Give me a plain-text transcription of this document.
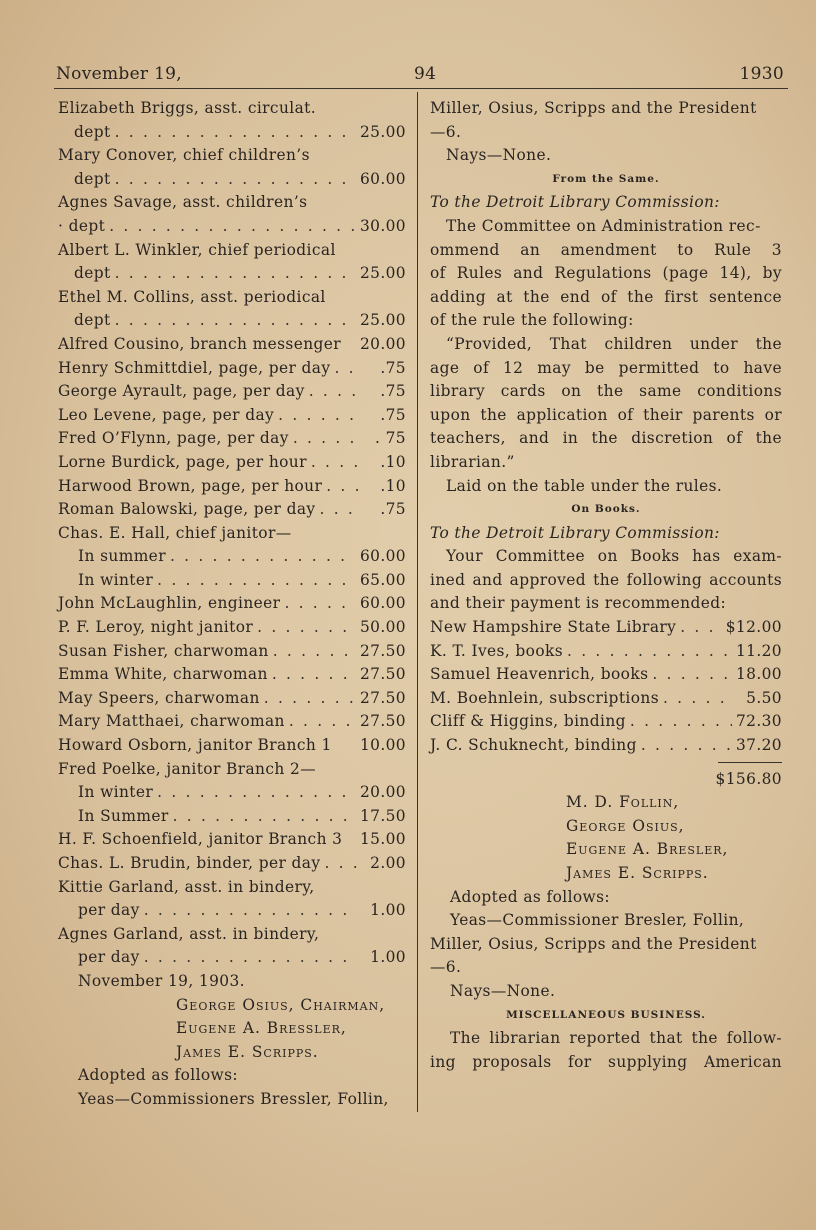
November 19,	94	1930
Elizabeth Briggs, asst. circulat.
dept . . .	25.00
Mary Conover, chief children’s
dept . . .	60.00
Agnes Savage, asst. children’s
· dept . . .	30.00
Albert L. Winkler, chief periodical
dept . . .	25.00
Ethel M. Collins, asst. periodical
dept . . .	25.00
Alfred Cousino, branch messenger 20.00
Henry Schmittdiel, page, per day . . .	.75
George Ayrault, page, per day . . .	.75
Leo Levene, page, per day . . .	.75
Fred O’Flynn, page, per day . . .	. 75
Lorne Burdick, page, per hour . . .	.10
Harwood Brown, page, per hour . . .	.10
Roman Balowski, page, per day . . .	.75
Chas. E. Hall, chief janitor—
In summer . . .	60.00
In winter . . .	65.00
John McLaughlin, engineer . . .	60.00
P. F. Leroy, night janitor . . .	50.00
Susan Fisher, charwoman . . .	27.50
Emma White, charwoman . . .	27.50
May Speers, charwoman . . .	27.50
Mary Matthaei, charwoman . . .	27.50
Howard Osborn, janitor Branch 1 10.00
Fred Poelke, janitor Branch 2—
In winter . . .	20.00
In Summer . . .	17.50
H. F. Schoenfield, janitor Branch 3 15.00
Chas. L. Brudin, binder, per day . . .	2.00
Kittie Garland, asst. in bindery,
per day . . .	1.00
Agnes Garland, asst. in bindery,
per day . . .	1.00
November 19, 1903.
George Osius, Chairman,
Eugene A. Bressler,
James E. Scripps.
Adopted as follows:
Yeas—Commissioners Bressler, Follin,
Miller, Osius, Scripps and the President
—6.
Nays—None.
From the Same.
To the Detroit Library Commission:
The Committee on Administration rec-
ommend an amendment to Rule 3
of Rules and Regulations (page 14), by
adding at the end of the first sentence
of the rule the following:
“Provided, That children under the
age of 12 may be permitted to have
library cards on the same conditions
upon the application of their parents or
teachers, and in the discretion of the
librarian.”
Laid on the table under the rules.
On Books.
To the Detroit Library Commission:
Your Committee on Books has exam-
ined and approved the following accounts
and their payment is recommended:
New Hampshire State Library . . .	$12.00
K. T. Ives, books . . .	11.20
Samuel Heavenrich, books . . .	18.00
M. Boehnlein, subscriptions . . .	5.50
Cliff & Higgins, binding . . .	72.30
J. C. Schuknecht, binding . . .	37.20
$156.80
M. D. Follin,
George Osius,
Eugene A. Bresler,
James E. Scripps.
Adopted as follows:
Yeas—Commissioner Bresler, Follin,
Miller, Osius, Scripps and the President
—6.
Nays—None.
MISCELLANEOUS BUSINESS.
The librarian reported that the follow-
ing proposals for supplying American
